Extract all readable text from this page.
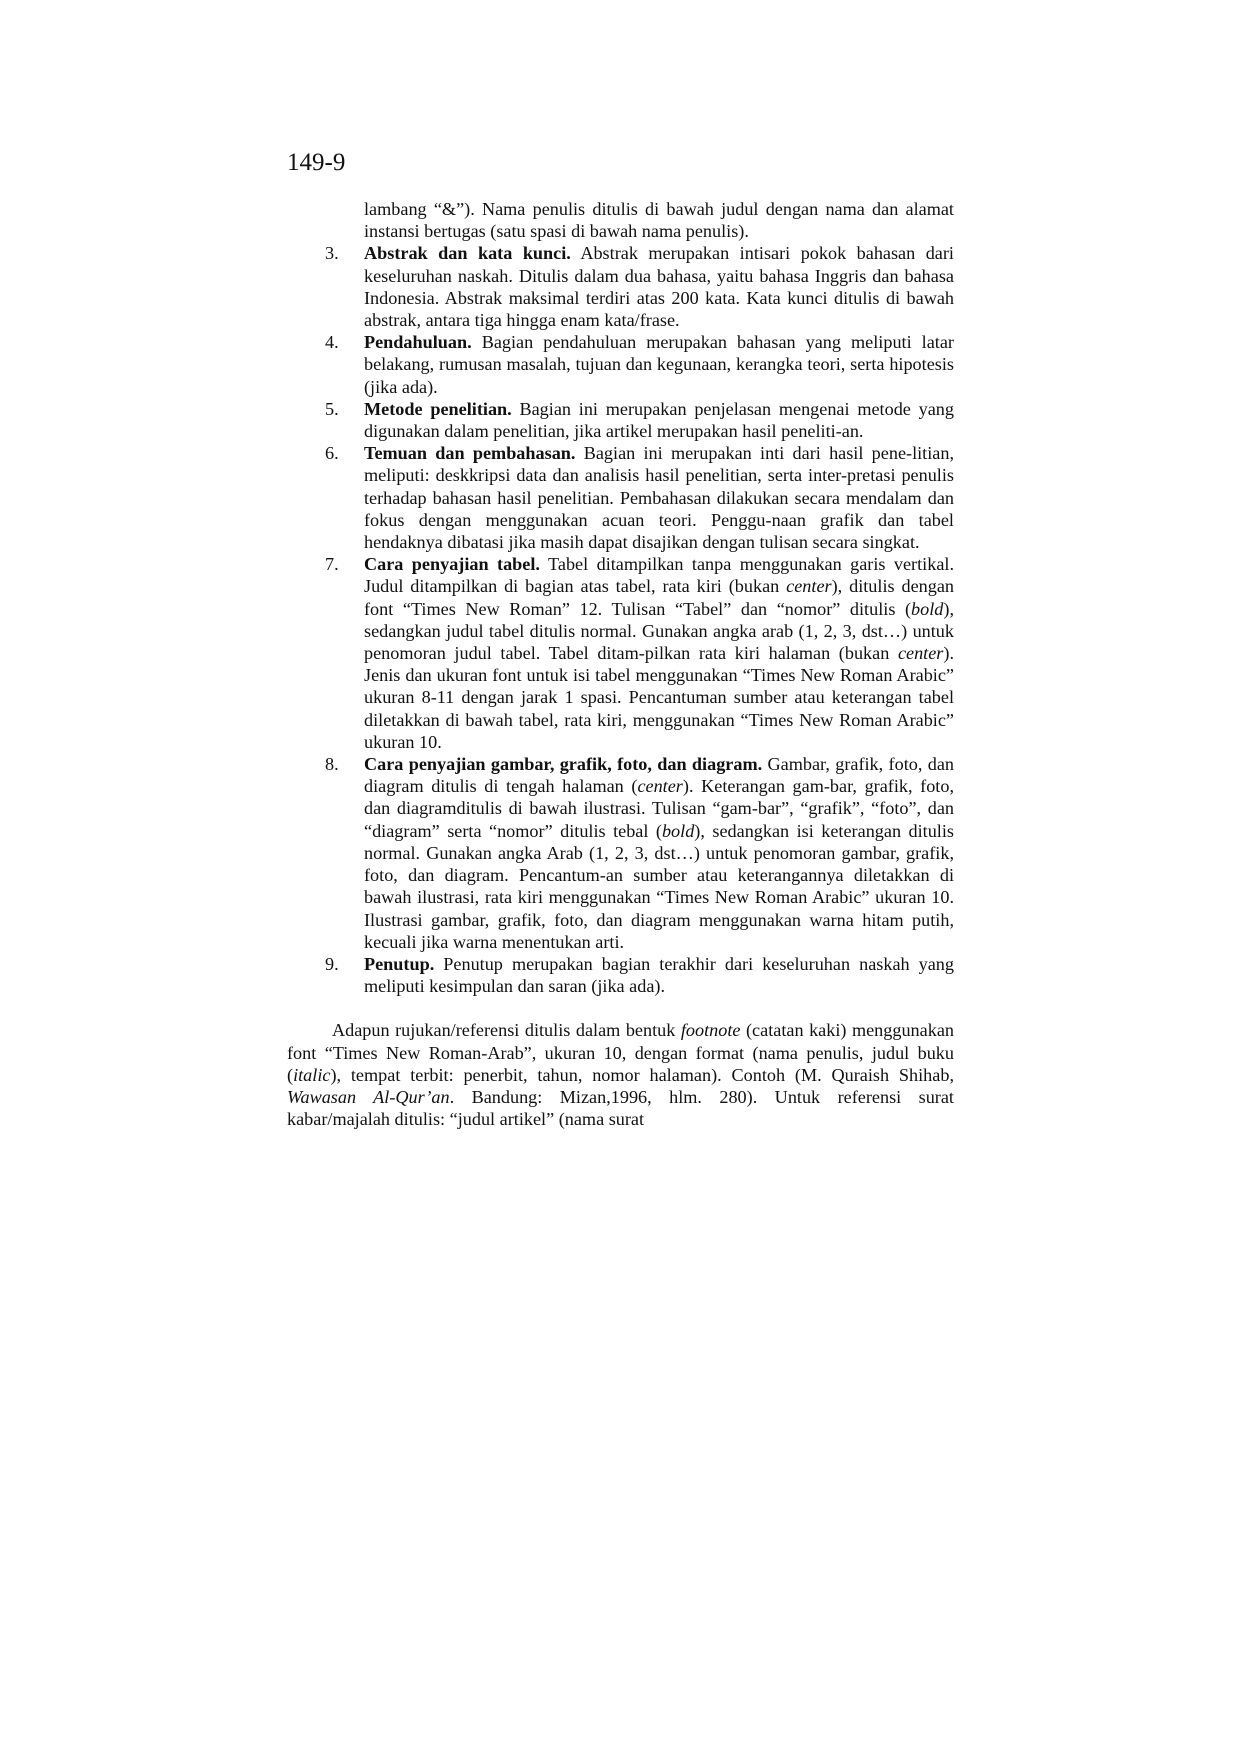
149-9
lambang “&”). Nama penulis ditulis di bawah judul dengan nama dan alamat instansi bertugas (satu spasi di bawah nama penulis).
3. Abstrak dan kata kunci. Abstrak merupakan intisari pokok bahasan dari keseluruhan naskah. Ditulis dalam dua bahasa, yaitu bahasa Inggris dan bahasa Indonesia. Abstrak maksimal terdiri atas 200 kata. Kata kunci ditulis di bawah abstrak, antara tiga hingga enam kata/frase.
4. Pendahuluan. Bagian pendahuluan merupakan bahasan yang meliputi latar belakang, rumusan masalah, tujuan dan kegunaan, kerangka teori, serta hipotesis (jika ada).
5. Metode penelitian. Bagian ini merupakan penjelasan mengenai metode yang digunakan dalam penelitian, jika artikel merupakan hasil peneliti-an.
6. Temuan dan pembahasan. Bagian ini merupakan inti dari hasil pene-litian, meliputi: deskkripsi data dan analisis hasil penelitian, serta inter-pretasi penulis terhadap bahasan hasil penelitian. Pembahasan dilakukan secara mendalam dan fokus dengan menggunakan acuan teori. Penggu-naan grafik dan tabel hendaknya dibatasi jika masih dapat disajikan dengan tulisan secara singkat.
7. Cara penyajian tabel. Tabel ditampilkan tanpa menggunakan garis vertikal. Judul ditampilkan di bagian atas tabel, rata kiri (bukan center), ditulis dengan font “Times New Roman” 12. Tulisan “Tabel” dan “nomor” ditulis (bold), sedangkan judul tabel ditulis normal. Gunakan angka arab (1, 2, 3, dst…) untuk penomoran judul tabel. Tabel ditam-pilkan rata kiri halaman (bukan center). Jenis dan ukuran font untuk isi tabel menggunakan “Times New Roman Arabic” ukuran 8-11 dengan jarak 1 spasi. Pencantuman sumber atau keterangan tabel diletakkan di bawah tabel, rata kiri, menggunakan “Times New Roman Arabic” ukuran 10.
8. Cara penyajian gambar, grafik, foto, dan diagram. Gambar, grafik, foto, dan diagram ditulis di tengah halaman (center). Keterangan gam-bar, grafik, foto, dan diagramditulis di bawah ilustrasi. Tulisan “gam-bar”, “grafik”, “foto”, dan “diagram” serta “nomor” ditulis tebal (bold), sedangkan isi keterangan ditulis normal. Gunakan angka Arab (1, 2, 3, dst…) untuk penomoran gambar, grafik, foto, dan diagram. Pencantum-an sumber atau keterangannya diletakkan di bawah ilustrasi, rata kiri menggunakan “Times New Roman Arabic” ukuran 10. Ilustrasi gambar, grafik, foto, dan diagram menggunakan warna hitam putih, kecuali jika warna menentukan arti.
9. Penutup. Penutup merupakan bagian terakhir dari keseluruhan naskah yang meliputi kesimpulan dan saran (jika ada).

Adapun rujukan/referensi ditulis dalam bentuk footnote (catatan kaki) menggunakan font “Times New Roman-Arab”, ukuran 10, dengan format (nama penulis, judul buku (italic), tempat terbit: penerbit, tahun, nomor halaman). Contoh (M. Quraish Shihab, Wawasan Al-Qur’an. Bandung: Mizan,1996, hlm. 280). Untuk referensi surat kabar/majalah ditulis: “judul artikel” (nama surat
